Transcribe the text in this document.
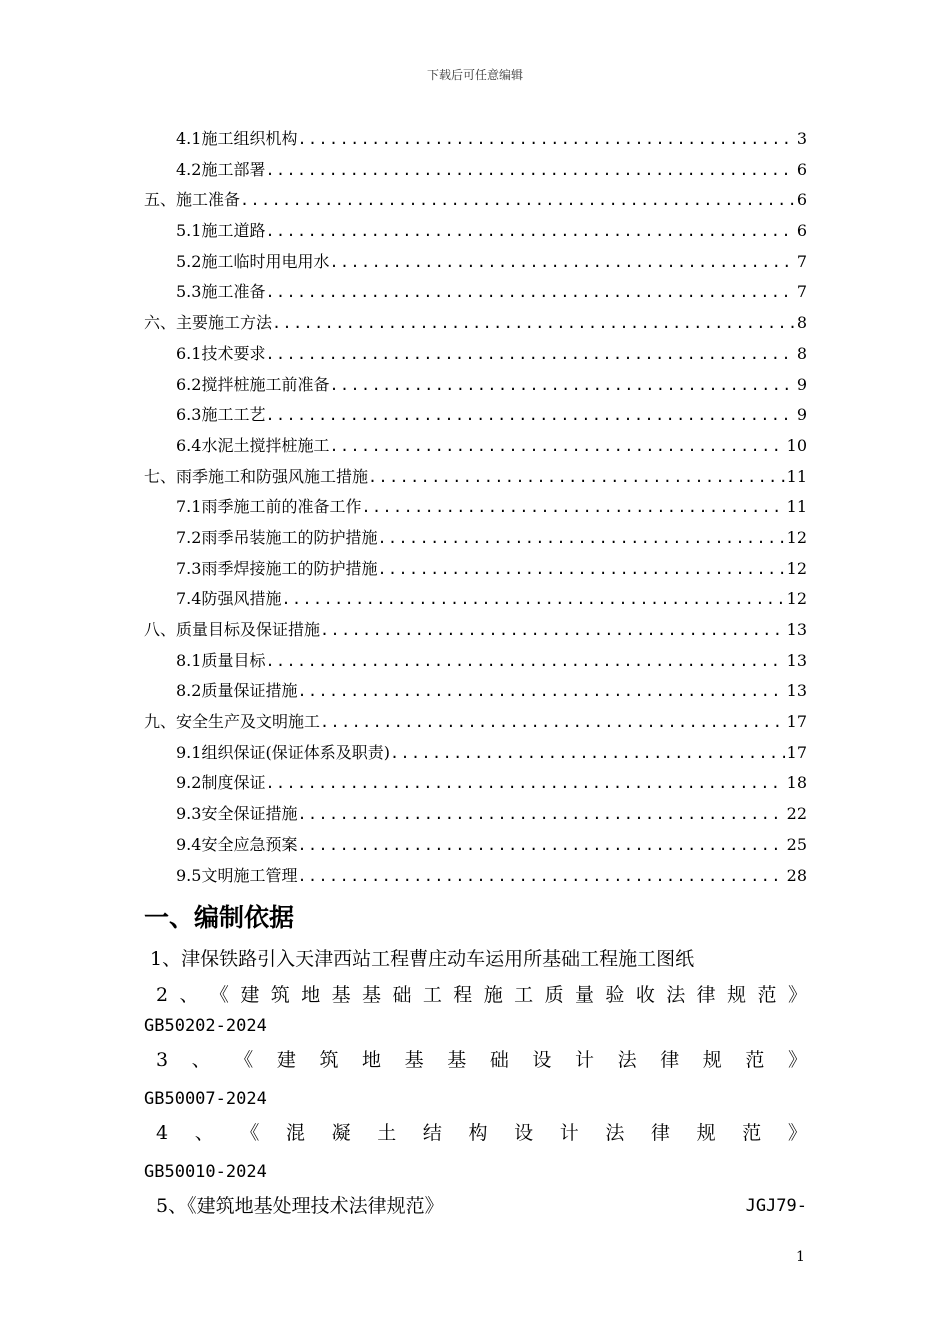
下载后可任意编辑
4.1施工组织机构 .....	3
4.2施工部署 .....	6
五、施工准备 .....	6
5.1施工道路 .....	6
5.2施工临时用电用水 .....	7
5.3施工准备 .....	7
六、主要施工方法 .....	8
6.1技术要求 .....	8
6.2搅拌桩施工前准备 .....	9
6.3施工工艺 .....	9
6.4水泥土搅拌桩施工 .....	10
七、雨季施工和防强风施工措施 .....	11
7.1雨季施工前的准备工作 .....	11
7.2雨季吊装施工的防护措施 .....	12
7.3雨季焊接施工的防护措施 .....	12
7.4防强风措施 .....	12
八、质量目标及保证措施 .....	13
8.1质量目标 .....	13
8.2质量保证措施 .....	13
九、安全生产及文明施工 .....	17
9.1组织保证(保证体系及职责) .....	17
9.2制度保证 .....	18
9.3安全保证措施 .....	22
9.4安全应急预案 .....	25
9.5文明施工管理 .....	28
一、编制依据
1、津保铁路引入天津西站工程曹庄动车运用所基础工程施工图纸
2 、 《 建 筑 地 基 基 础 工 程 施 工 质 量 验 收 法 律 规 范 》
GB50202-2024
3 、 《 建 筑 地 基 基 础 设 计 法 律 规 范 》
GB50007-2024
4 、 《 混 凝 土 结 构 设 计 法 律 规 范 》
GB50010-2024
5、《建筑地基处理技术法律规范》	JGJ79-
1
